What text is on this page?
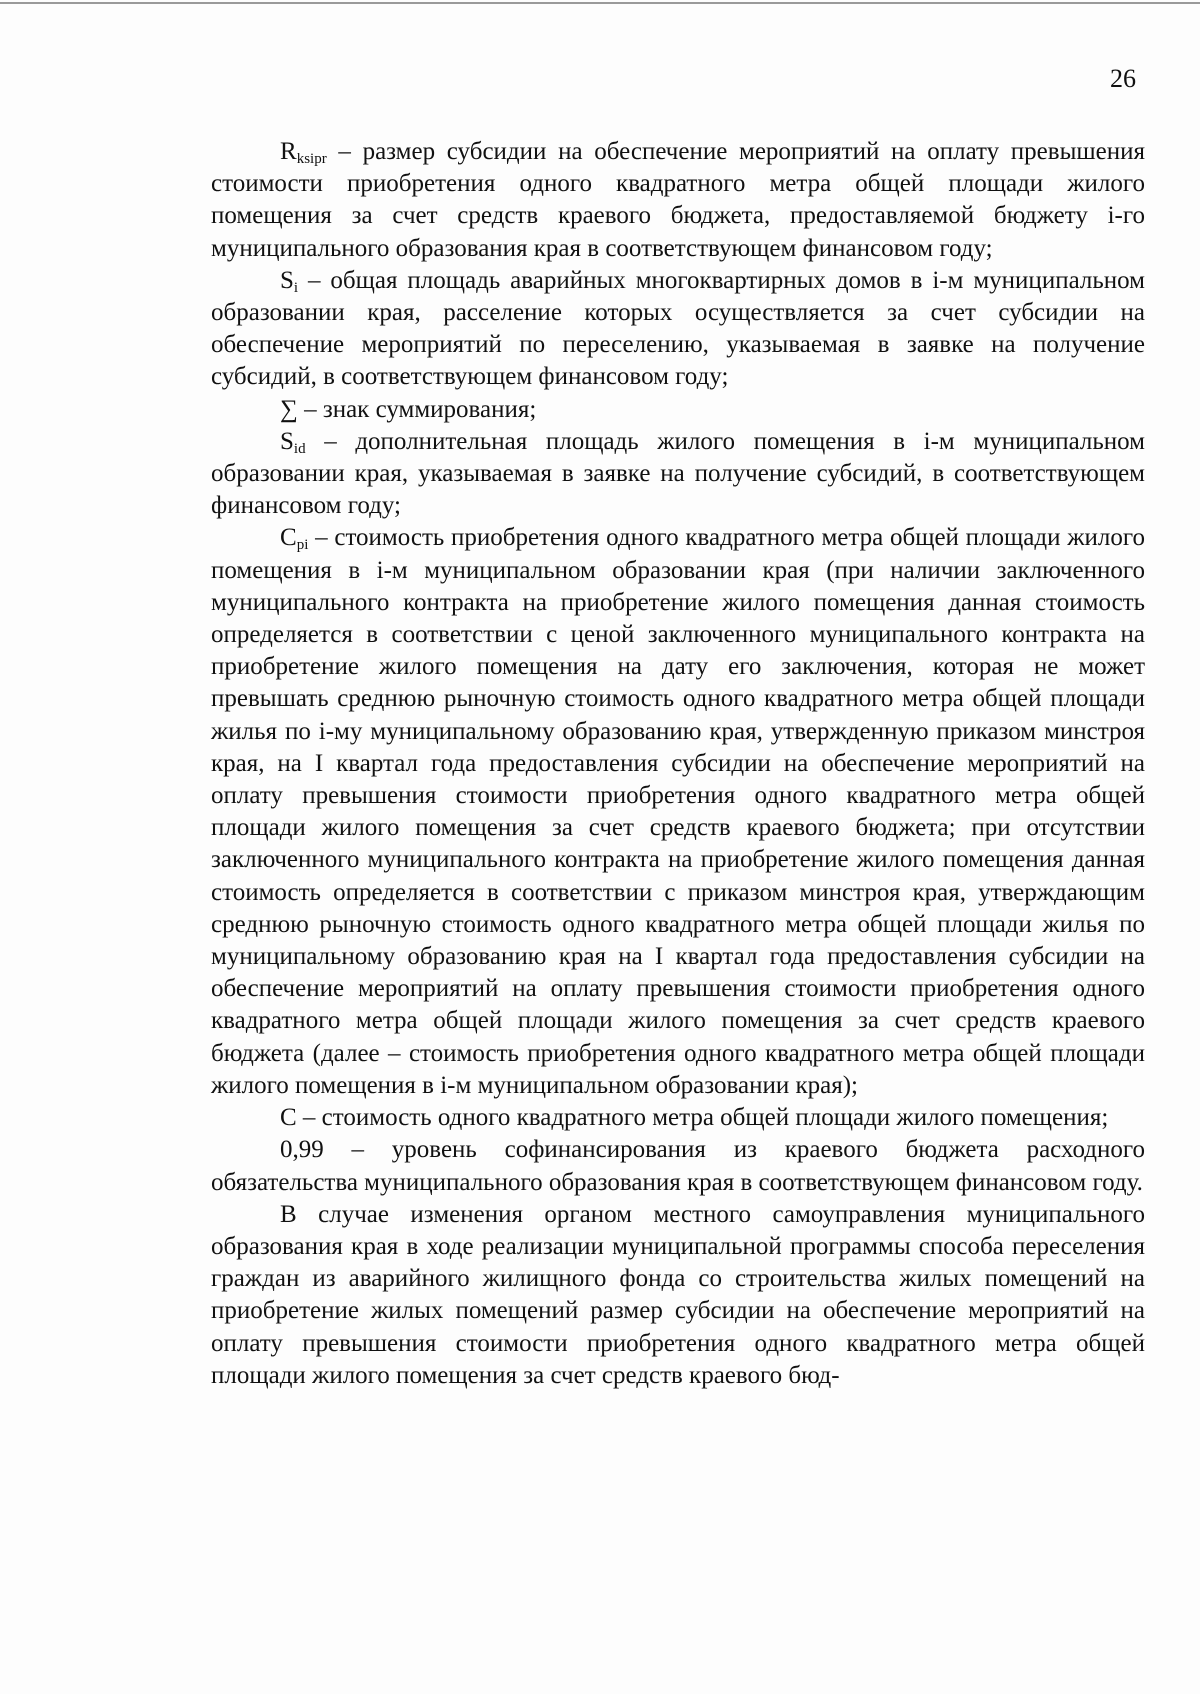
26

$R_{ksipr}$ – размер субсидии на обеспечение мероприятий на оплату превышения стоимости приобретения одного квадратного метра общей площади жилого помещения за счет средств краевого бюджета, предоставляемой бюджету i-го муниципального образования края в соответствующем финансовом году;

$S_i$ – общая площадь аварийных многоквартирных домов в i-м муниципальном образовании края, расселение которых осуществляется за счет субсидии на обеспечение мероприятий по переселению, указываемая в заявке на получение субсидий, в соответствующем финансовом году;

∑ – знак суммирования;

$S_{id}$ – дополнительная площадь жилого помещения в i-м муниципальном образовании края, указываемая в заявке на получение субсидий, в соответствующем финансовом году;

$C_{pi}$ – стоимость приобретения одного квадратного метра общей площади жилого помещения в i-м муниципальном образовании края (при наличии заключенного муниципального контракта на приобретение жилого помещения данная стоимость определяется в соответствии с ценой заключенного муниципального контракта на приобретение жилого помещения на дату его заключения, которая не может превышать среднюю рыночную стоимость одного квадратного метра общей площади жилья по i-му муниципальному образованию края, утвержденную приказом минстроя края, на I квартал года предоставления субсидии на обеспечение мероприятий на оплату превышения стоимости приобретения одного квадратного метра общей площади жилого помещения за счет средств краевого бюджета; при отсутствии заключенного муниципального контракта на приобретение жилого помещения данная стоимость определяется в соответствии с приказом минстроя края, утверждающим среднюю рыночную стоимость одного квадратного метра общей площади жилья по муниципальному образованию края на I квартал года предоставления субсидии на обеспечение мероприятий на оплату превышения стоимости приобретения одного квадратного метра общей площади жилого помещения за счет средств краевого бюджета (далее – стоимость приобретения одного квадратного метра общей площади жилого помещения в i-м муниципальном образовании края);

C – стоимость одного квадратного метра общей площади жилого помещения;

0,99 – уровень софинансирования из краевого бюджета расходного обязательства муниципального образования края в соответствующем финансовом году.

В случае изменения органом местного самоуправления муниципального образования края в ходе реализации муниципальной программы способа переселения граждан из аварийного жилищного фонда со строительства жилых помещений на приобретение жилых помещений размер субсидии на обеспечение мероприятий на оплату превышения стоимости приобретения одного квадратного метра общей площади жилого помещения за счет средств краевого бюд-
